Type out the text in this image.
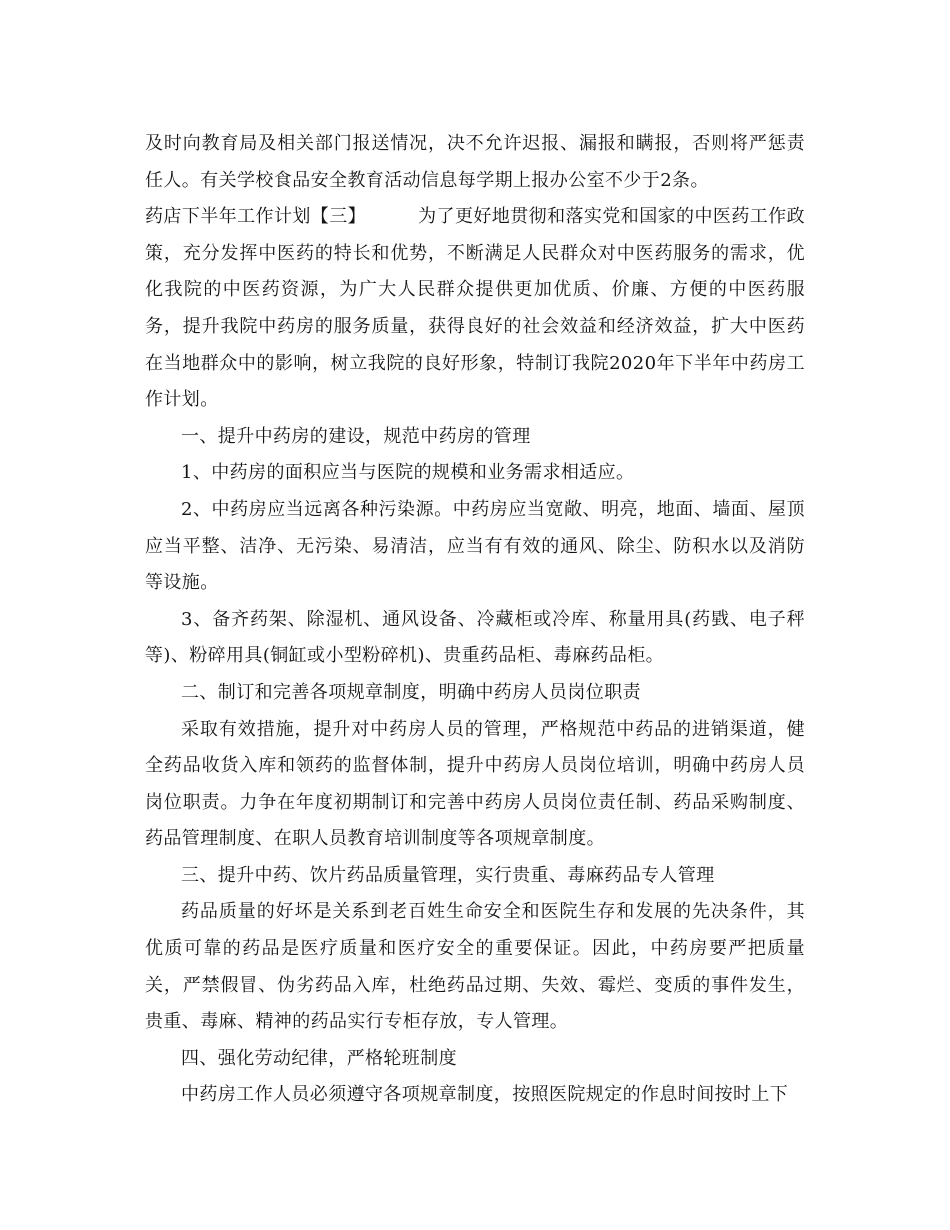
及时向教育局及相关部门报送情况，决不允许迟报、漏报和瞒报，否则将严惩责任人。有关学校食品安全教育活动信息每学期上报办公室不少于2条。

药店下半年工作计划【三】	为了更好地贯彻和落实党和国家的中医药工作政策，充分发挥中医药的特长和优势，不断满足人民群众对中医药服务的需求，优化我院的中医药资源，为广大人民群众提供更加优质、价廉、方便的中医药服务，提升我院中药房的服务质量，获得良好的社会效益和经济效益，扩大中医药在当地群众中的影响，树立我院的良好形象，特制订我院2020年下半年中药房工作计划。

一、提升中药房的建设，规范中药房的管理

1、中药房的面积应当与医院的规模和业务需求相适应。

2、中药房应当远离各种污染源。中药房应当宽敞、明亮，地面、墙面、屋顶应当平整、洁净、无污染、易清洁，应当有有效的通风、除尘、防积水以及消防等设施。

3、备齐药架、除湿机、通风设备、冷藏柜或冷库、称量用具(药戥、电子秤等)、粉碎用具(铜缸或小型粉碎机)、贵重药品柜、毒麻药品柜。

二、制订和完善各项规章制度，明确中药房人员岗位职责

采取有效措施，提升对中药房人员的管理，严格规范中药品的进销渠道，健全药品收货入库和领药的监督体制，提升中药房人员岗位培训，明确中药房人员岗位职责。力争在年度初期制订和完善中药房人员岗位责任制、药品采购制度、药品管理制度、在职人员教育培训制度等各项规章制度。

三、提升中药、饮片药品质量管理，实行贵重、毒麻药品专人管理

药品质量的好坏是关系到老百姓生命安全和医院生存和发展的先决条件，其优质可靠的药品是医疗质量和医疗安全的重要保证。因此，中药房要严把质量关，严禁假冒、伪劣药品入库，杜绝药品过期、失效、霉烂、变质的事件发生，贵重、毒麻、精神的药品实行专柜存放，专人管理。

四、强化劳动纪律，严格轮班制度

中药房工作人员必须遵守各项规章制度，按照医院规定的作息时间按时上下
